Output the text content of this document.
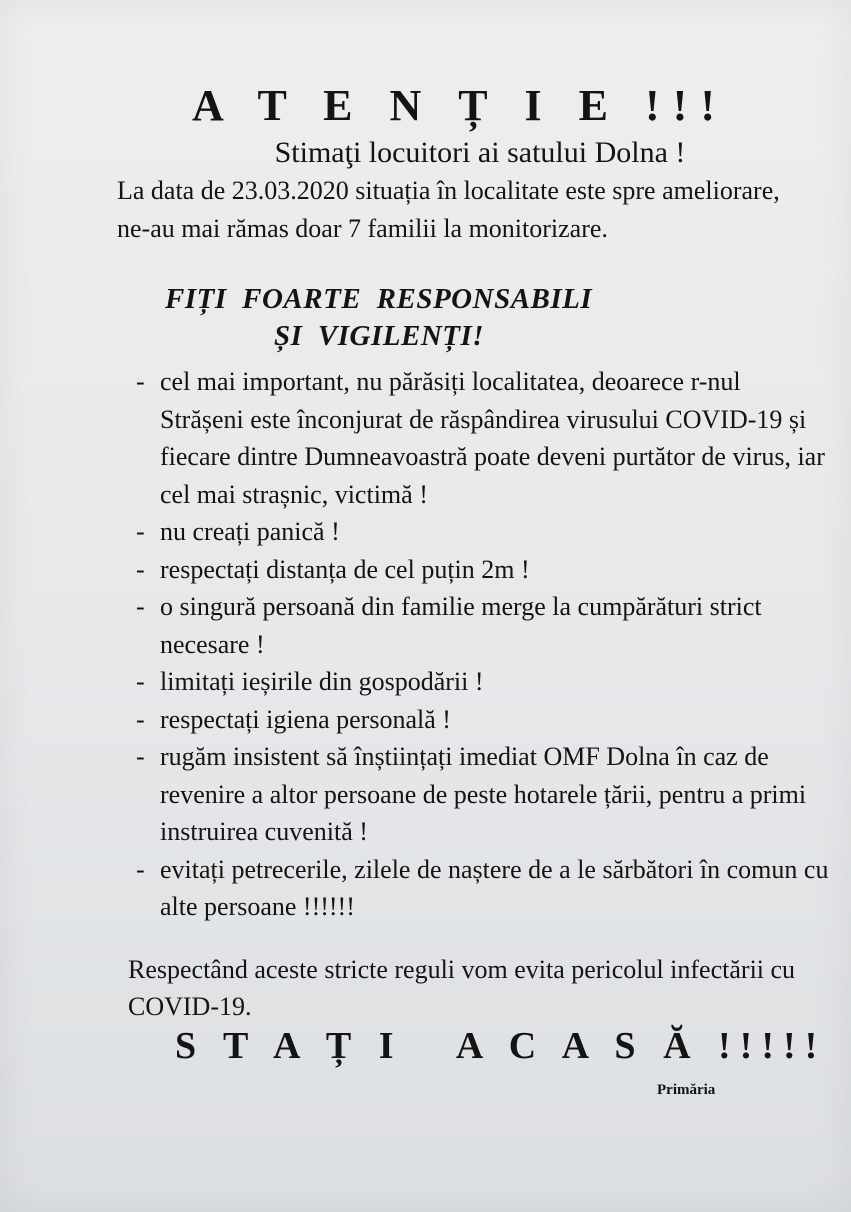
A T E N Ț I E !!!

Stimaţi locuitori ai satului Dolna !

La data de 23.03.2020 situația în localitate este spre ameliorare, ne-au mai rămas doar 7 familii la monitorizare.

FIȚI  FOARTE  RESPONSABILI

ȘI  VIGILENȚI!

- cel mai important, nu părăsiți localitatea, deoarece r-nul Strășeni este înconjurat de răspândirea virusului COVID-19 și fiecare dintre Dumneavoastră poate deveni purtător de virus, iar cel mai strașnic, victimă !
- nu creați panică !
- respectați distanța de cel puțin 2m !
- o singură persoană din familie merge la cumpărături strict necesare !
- limitați ieșirile din gospodării !
- respectați igiena personală !
- rugăm insistent să înștiințați imediat OMF Dolna în caz de revenire a altor persoane de peste hotarele țării, pentru a primi instruirea cuvenită !
- evitați petrecerile, zilele de naștere de a le sărbători în comun cu alte persoane !!!!!!

Respectând aceste stricte reguli vom evita pericolul infectării cu COVID-19.

S T A Ț I   A C A S Ă !!!!!

Primăria
